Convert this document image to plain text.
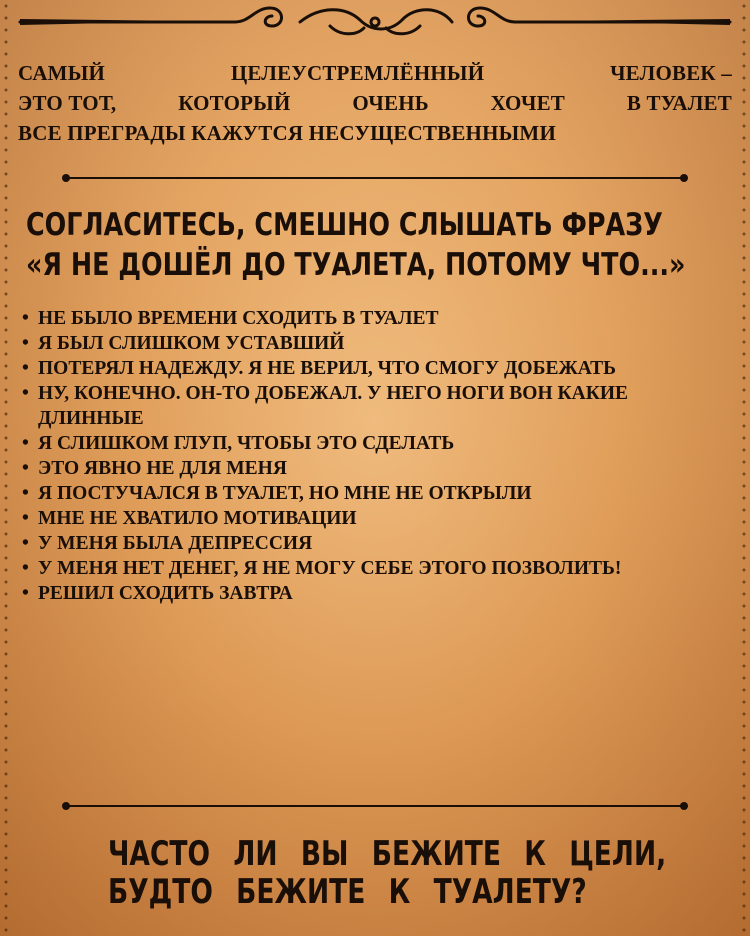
САМЫЙ	ЦЕЛЕУСТРЕМЛЁННЫЙ	ЧЕЛОВЕК –
ЭТО ТОТ,	КОТОРЫЙ	ОЧЕНЬ	ХОЧЕТ	В ТУАЛЕТ
ВСЕ ПРЕГРАДЫ КАЖУТСЯ НЕСУЩЕСТВЕННЫМИ
СОГЛАСИТЕСЬ, СМЕШНО СЛЫШАТЬ ФРАЗУ
«Я НЕ ДОШЁЛ ДО ТУАЛЕТА, ПОТОМУ ЧТО...»
• НЕ БЫЛО ВРЕМЕНИ СХОДИТЬ В ТУАЛЕТ
• Я БЫЛ СЛИШКОМ УСТАВШИЙ
• ПОТЕРЯЛ НАДЕЖДУ. Я НЕ ВЕРИЛ, ЧТО СМОГУ ДОБЕЖАТЬ
• НУ, КОНЕЧНО. ОН-ТО ДОБЕЖАЛ. У НЕГО НОГИ ВОН КАКИЕ ДЛИННЫЕ
• Я СЛИШКОМ ГЛУП, ЧТОБЫ ЭТО СДЕЛАТЬ
• ЭТО ЯВНО НЕ ДЛЯ МЕНЯ
• Я ПОСТУЧАЛСЯ В ТУАЛЕТ, НО МНЕ НЕ ОТКРЫЛИ
• МНЕ НЕ ХВАТИЛО МОТИВАЦИИ
• У МЕНЯ БЫЛА ДЕПРЕССИЯ
• У МЕНЯ НЕТ ДЕНЕГ, Я НЕ МОГУ СЕБЕ ЭТОГО ПОЗВОЛИТЬ!
• РЕШИЛ СХОДИТЬ ЗАВТРА
ЧАСТО ЛИ ВЫ БЕЖИТЕ К ЦЕЛИ,
БУДТО БЕЖИТЕ К ТУАЛЕТУ?
